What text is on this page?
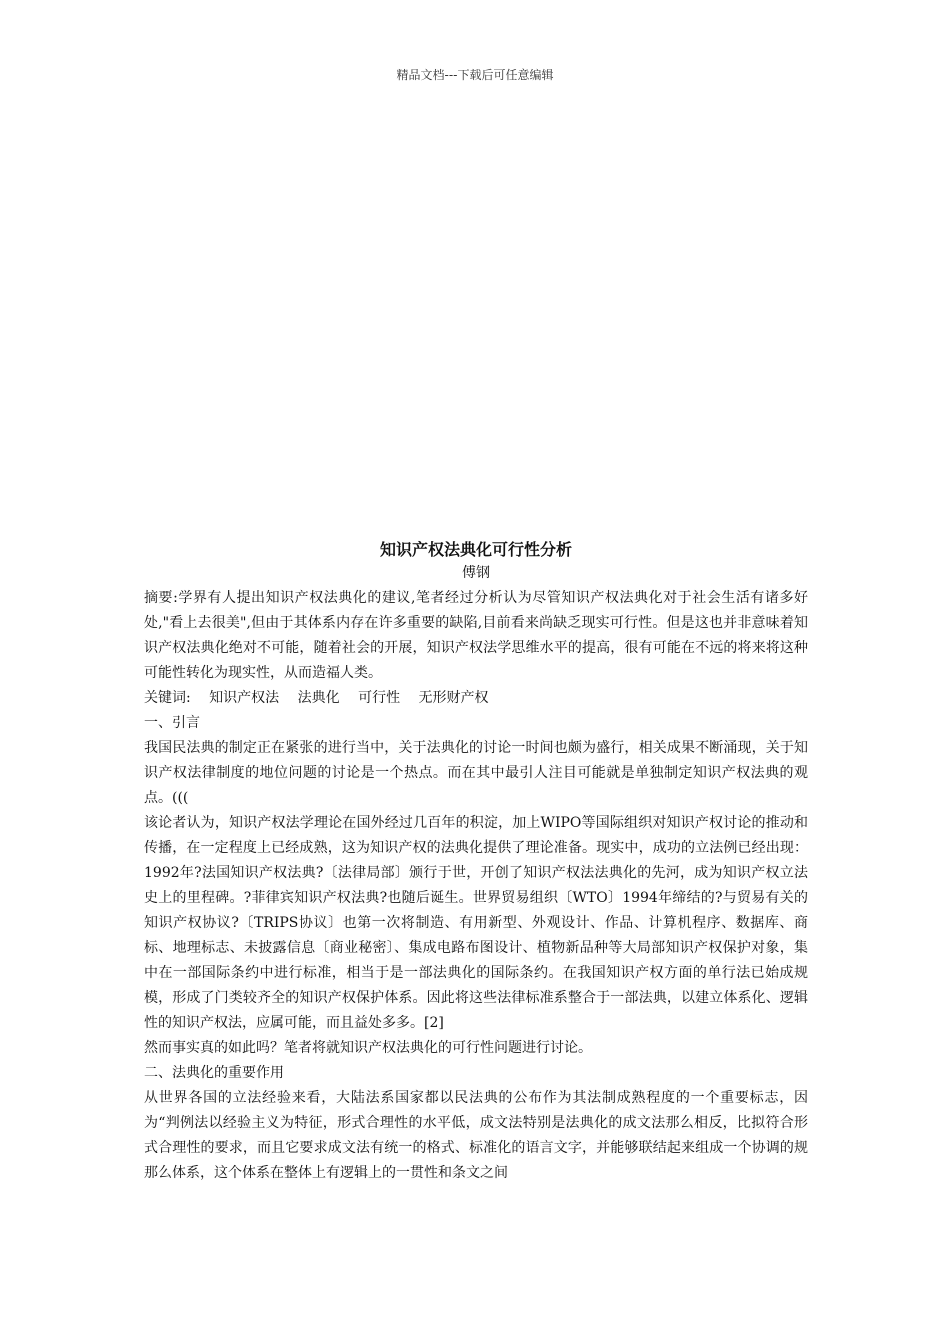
精品文档---下载后可任意编辑

知识产权法典化可行性分析

傅钢

摘要:学界有人提出知识产权法典化的建议,笔者经过分析认为尽管知识产权法典化对于社会生活有诸多好处,"看上去很美",但由于其体系内存在许多重要的缺陷,目前看来尚缺乏现实可行性。但是这也并非意味着知识产权法典化绝对不可能，随着社会的开展，知识产权法学思维水平的提高，很有可能在不远的将来将这种可能性转化为现实性，从而造福人类。

关键词: 知识产权法 法典化 可行性 无形财产权

一、引言

我国民法典的制定正在紧张的进行当中，关于法典化的讨论一时间也颇为盛行，相关成果不断涌现，关于知识产权法律制度的地位问题的讨论是一个热点。而在其中最引人注目可能就是单独制定知识产权法典的观点。(((

该论者认为，知识产权法学理论在国外经过几百年的积淀，加上WIPO等国际组织对知识产权讨论的推动和传播，在一定程度上已经成熟，这为知识产权的法典化提供了理论准备。现实中，成功的立法例已经出现：1992年?法国知识产权法典?〔法律局部〕颁行于世，开创了知识产权法法典化的先河，成为知识产权立法史上的里程碑。?菲律宾知识产权法典?也随后诞生。世界贸易组织〔WTO〕1994年缔结的?与贸易有关的知识产权协议?〔TRIPS协议〕也第一次将制造、有用新型、外观设计、作品、计算机程序、数据库、商标、地理标志、未披露信息〔商业秘密〕、集成电路布图设计、植物新品种等大局部知识产权保护对象，集中在一部国际条约中进行标准，相当于是一部法典化的国际条约。在我国知识产权方面的单行法已始成规模，形成了门类较齐全的知识产权保护体系。因此将这些法律标准系整合于一部法典，以建立体系化、逻辑性的知识产权法，应属可能，而且益处多多。[2]

然而事实真的如此吗？笔者将就知识产权法典化的可行性问题进行讨论。

二、法典化的重要作用

从世界各国的立法经验来看，大陆法系国家都以民法典的公布作为其法制成熟程度的一个重要标志，因为“判例法以经验主义为特征，形式合理性的水平低，成文法特别是法典化的成文法那么相反，比拟符合形式合理性的要求，而且它要求成文法有统一的格式、标准化的语言文字，并能够联结起来组成一个协调的规那么体系，这个体系在整体上有逻辑上的一贯性和条文之间
